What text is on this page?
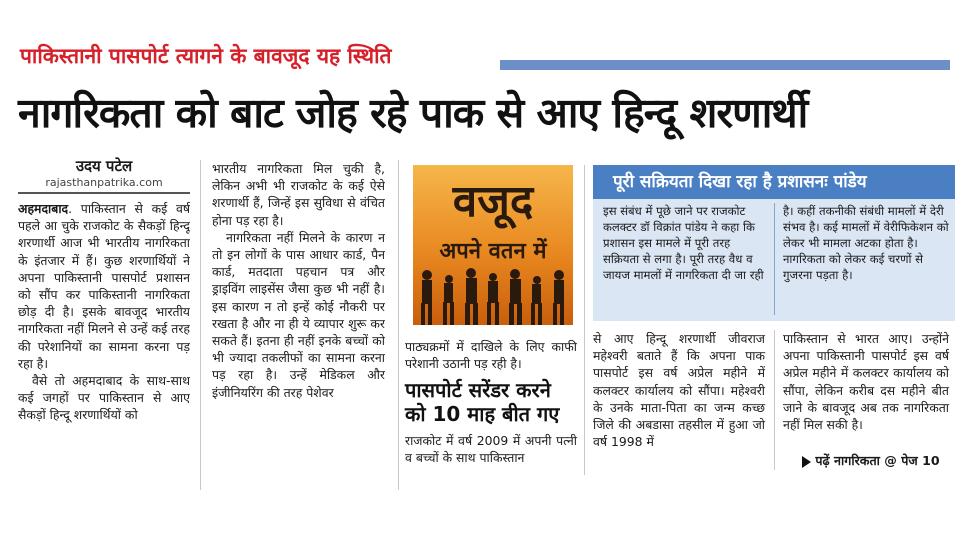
पाकिस्तानी पासपोर्ट त्यागने के बावजूद यह स्थिति
नागरिकता को बाट जोह रहे पाक से आए हिन्दू शरणार्थी
उदय पटेल
rajasthanpatrika.com

अहमदाबाद. पाकिस्तान से कई वर्ष पहले आ चुके राजकोट के सैकड़ों हिन्दू शरणार्थी आज भी भारतीय नागरिकता के इंतजार में हैं। कुछ शरणार्थियों ने अपना पाकिस्तानी पासपोर्ट प्रशासन को सौंप कर पाकिस्तानी नागरिकता छोड़ दी है। इसके बावजूद भारतीय नागरिकता नहीं मिलने से उन्हें कई तरह की परेशानियों का सामना करना पड़ रहा है।

वैसे तो अहमदाबाद के साथ-साथ कई जगहों पर पाकिस्तान से आए सैकड़ों हिन्दू शरणार्थियों को

भारतीय नागरिकता मिल चुकी है, लेकिन अभी भी राजकोट के कई ऐसे शरणार्थी हैं, जिन्हें इस सुविधा से वंचित होना पड़ रहा है।

नागरिकता नहीं मिलने के कारण न तो इन लोगों के पास आधार कार्ड, पैन कार्ड, मतदाता पहचान पत्र और ड्राइविंग लाइसेंस जैसा कुछ भी नहीं है। इस कारण न तो इन्हें कोई नौकरी पर रखता है और ना ही ये व्यापार शुरू कर सकते हैं। इतना ही नहीं इनके बच्चों को भी ज्यादा तकलीफों का सामना करना पड़ रहा है। उन्हें मेडिकल और इंजीनियरिंग की तरह पेशेवर

वजूद
अपने वतन में

पाठ्यक्रमों में दाखिले के लिए काफी परेशानी उठानी पड़ रही है।

पासपोर्ट सरेंडर करने को 10 माह बीत गए
राजकोट में वर्ष 2009 में अपनी पत्नी व बच्चों के साथ पाकिस्तान
पूरी सक्रियता दिखा रहा है प्रशासनः पांडेय
इस संबंध में पूछे जाने पर राजकोट कलक्टर डॉ विक्रांत पांडेय ने कहा कि प्रशासन इस मामले में पूरी तरह सक्रियता से लगा है। पूरी तरह वैध व जायज मामलों में नागरिकता दी जा रही
है। कहीं तकनीकी संबंधी मामलों में देरी संभव है। कई मामलों में वेरीफिकेशन को लेकर भी मामला अटका होता है। नागरिकता को लेकर कई चरणों से गुजरना पड़ता है।
से आए हिन्दू शरणार्थी जीवराज महेश्वरी बताते हैं कि अपना पाक पासपोर्ट इस वर्ष अप्रेल महीने में कलक्टर कार्यालय को सौंपा। महेश्वरी के उनके माता-पिता का जन्म कच्छ जिले की अबडासा तहसील में हुआ जो वर्ष 1998 में
पाकिस्तान से भारत आए। उन्होंने अपना पाकिस्तानी पासपोर्ट इस वर्ष अप्रेल महीने में कलक्टर कार्यालय को सौंपा, लेकिन करीब दस महीने बीत जाने के बावजूद अब तक नागरिकता नहीं मिल सकी है।
पढ़ें नागरिकता @ पेज 10
